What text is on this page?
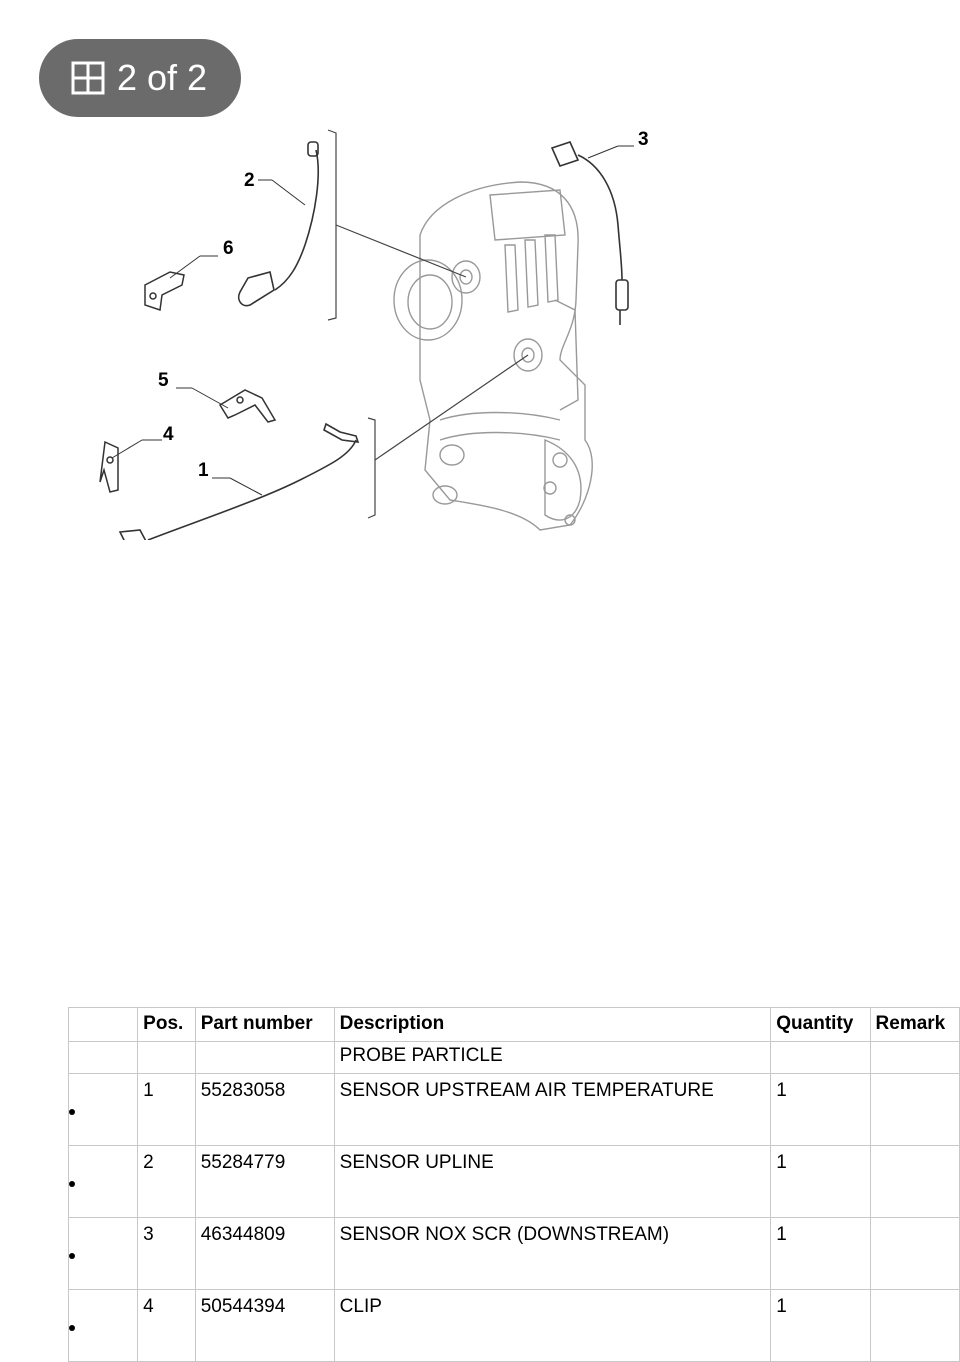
2 of 2
2
6
3
5
4
1
	Pos.	Part number	Description	Quantity	Remark
			PROBE PARTICLE		
	1	55283058	SENSOR UPSTREAM AIR TEMPERATURE	1	
	2	55284779	SENSOR UPLINE	1	
	3	46344809	SENSOR NOX SCR (DOWNSTREAM)	1	
	4	50544394	CLIP	1	
